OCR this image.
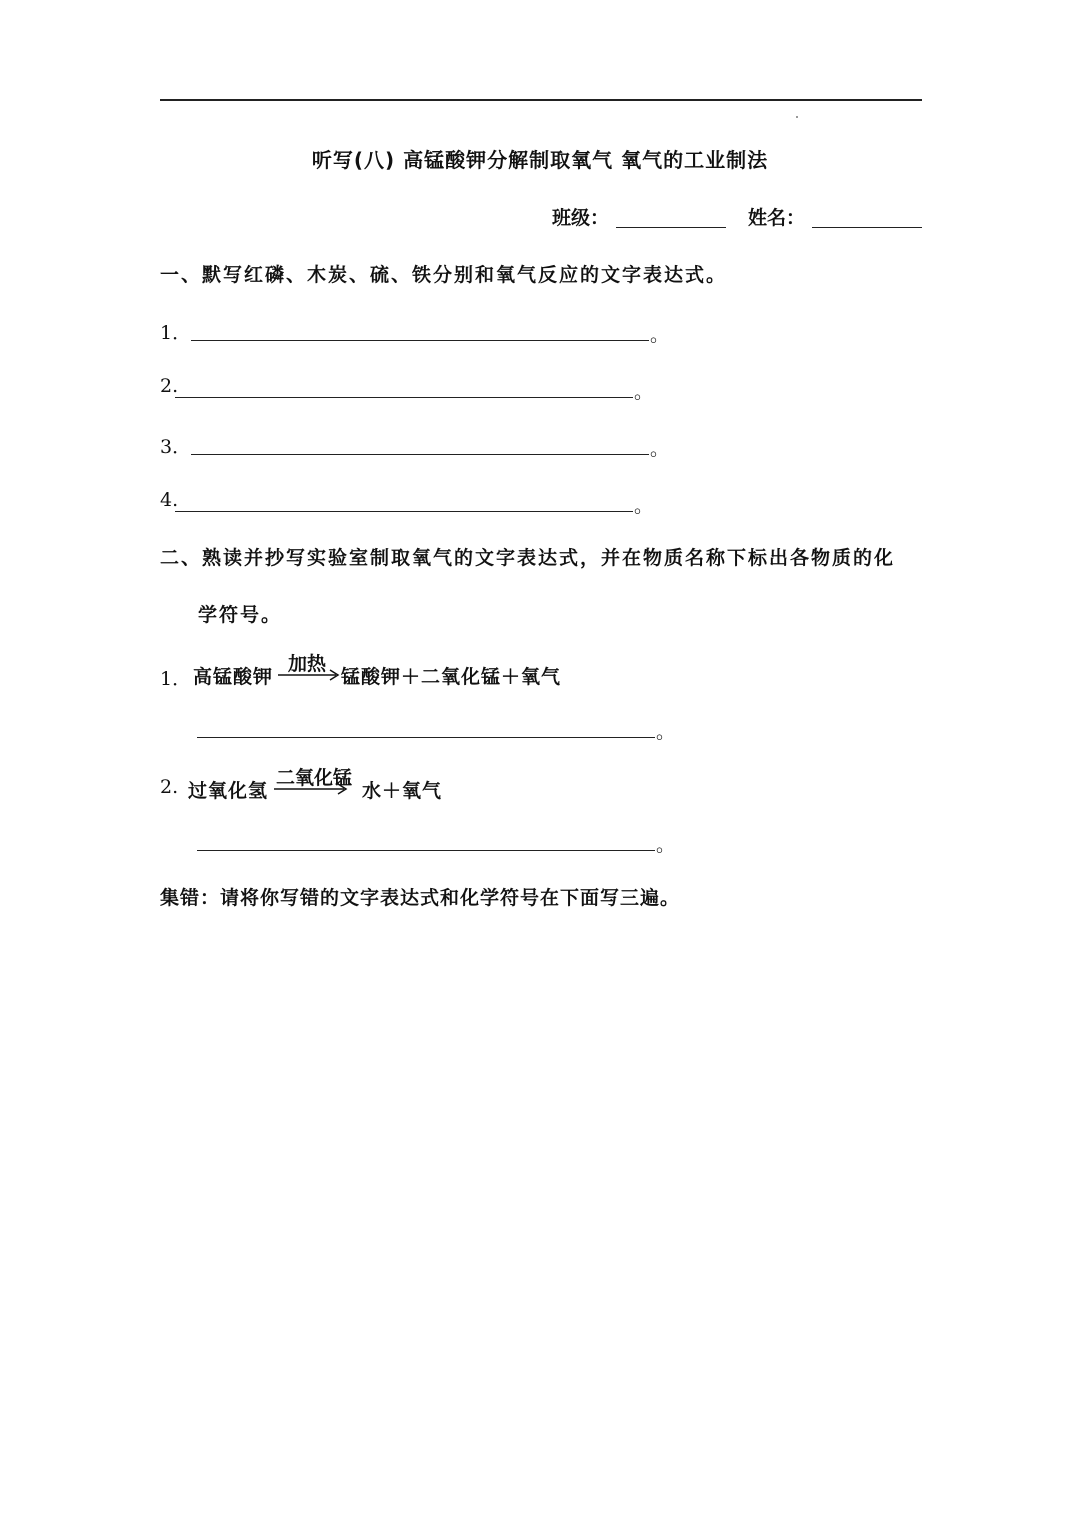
听写(八) 高锰酸钾分解制取氧气 氧气的工业制法
班级：	姓名：
一、默写红磷、木炭、硫、铁分别和氧气反应的文字表达式。
1．	。
2.	。
3．	。
4.	。
二、熟读并抄写实验室制取氧气的文字表达式，并在物质名称下标出各物质的化
学符号。
1． 高锰酸钾
加热
→ 锰酸钾＋二氧化锰＋氧气
。
2. 过氧化氢
二氧化锰
水＋氧气
。
集错：请将你写错的文字表达式和化学符号在下面写三遍。
